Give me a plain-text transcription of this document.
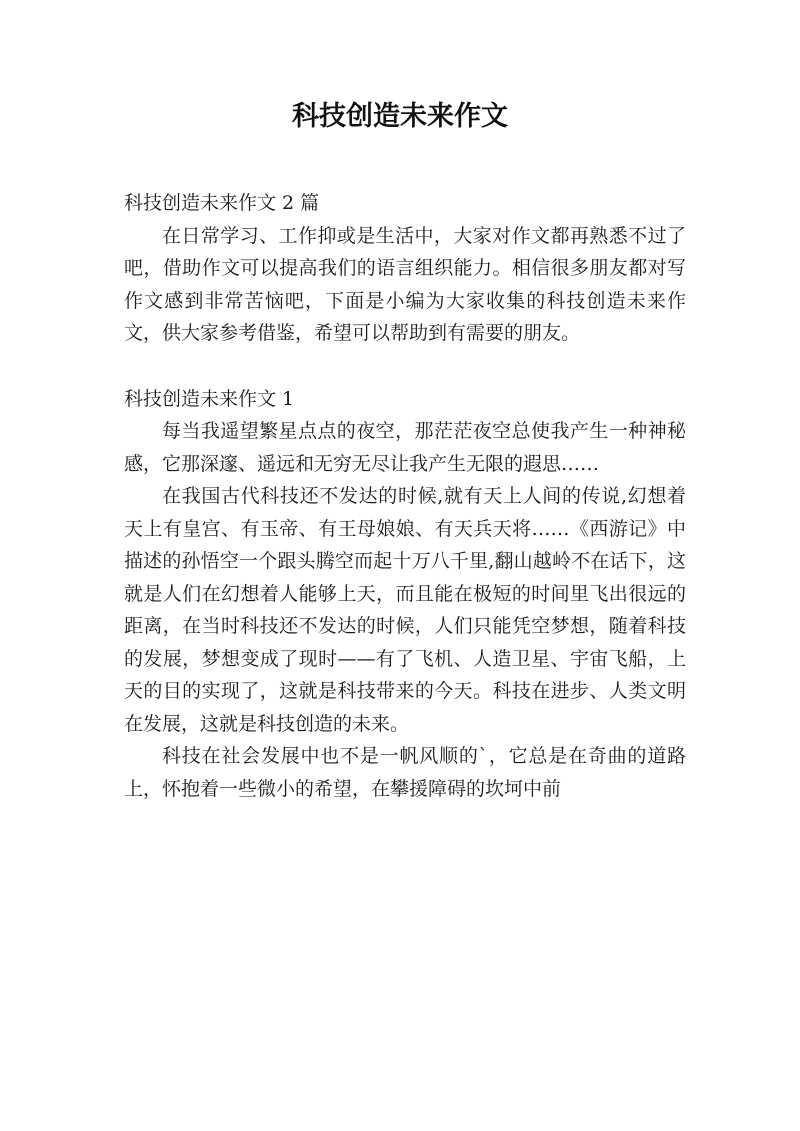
科技创造未来作文

科技创造未来作文 2 篇

在日常学习、工作抑或是生活中，大家对作文都再熟悉不过了吧，借助作文可以提高我们的语言组织能力。相信很多朋友都对写作文感到非常苦恼吧，下面是小编为大家收集的科技创造未来作文，供大家参考借鉴，希望可以帮助到有需要的朋友。

科技创造未来作文 1

每当我遥望繁星点点的夜空，那茫茫夜空总使我产生一种神秘感，它那深邃、遥远和无穷无尽让我产生无限的遐思……

在我国古代科技还不发达的时候,就有天上人间的传说,幻想着天上有皇宫、有玉帝、有王母娘娘、有天兵天将……《西游记》中描述的孙悟空一个跟头腾空而起十万八千里,翻山越岭不在话下，这就是人们在幻想着人能够上天，而且能在极短的时间里飞出很远的距离，在当时科技还不发达的时候，人们只能凭空梦想，随着科技的发展，梦想变成了现时——有了飞机、人造卫星、宇宙飞船，上天的目的实现了，这就是科技带来的今天。科技在进步、人类文明在发展，这就是科技创造的未来。

科技在社会发展中也不是一帆风顺的`，它总是在奇曲的道路上，怀抱着一些微小的希望，在攀援障碍的坎坷中前
